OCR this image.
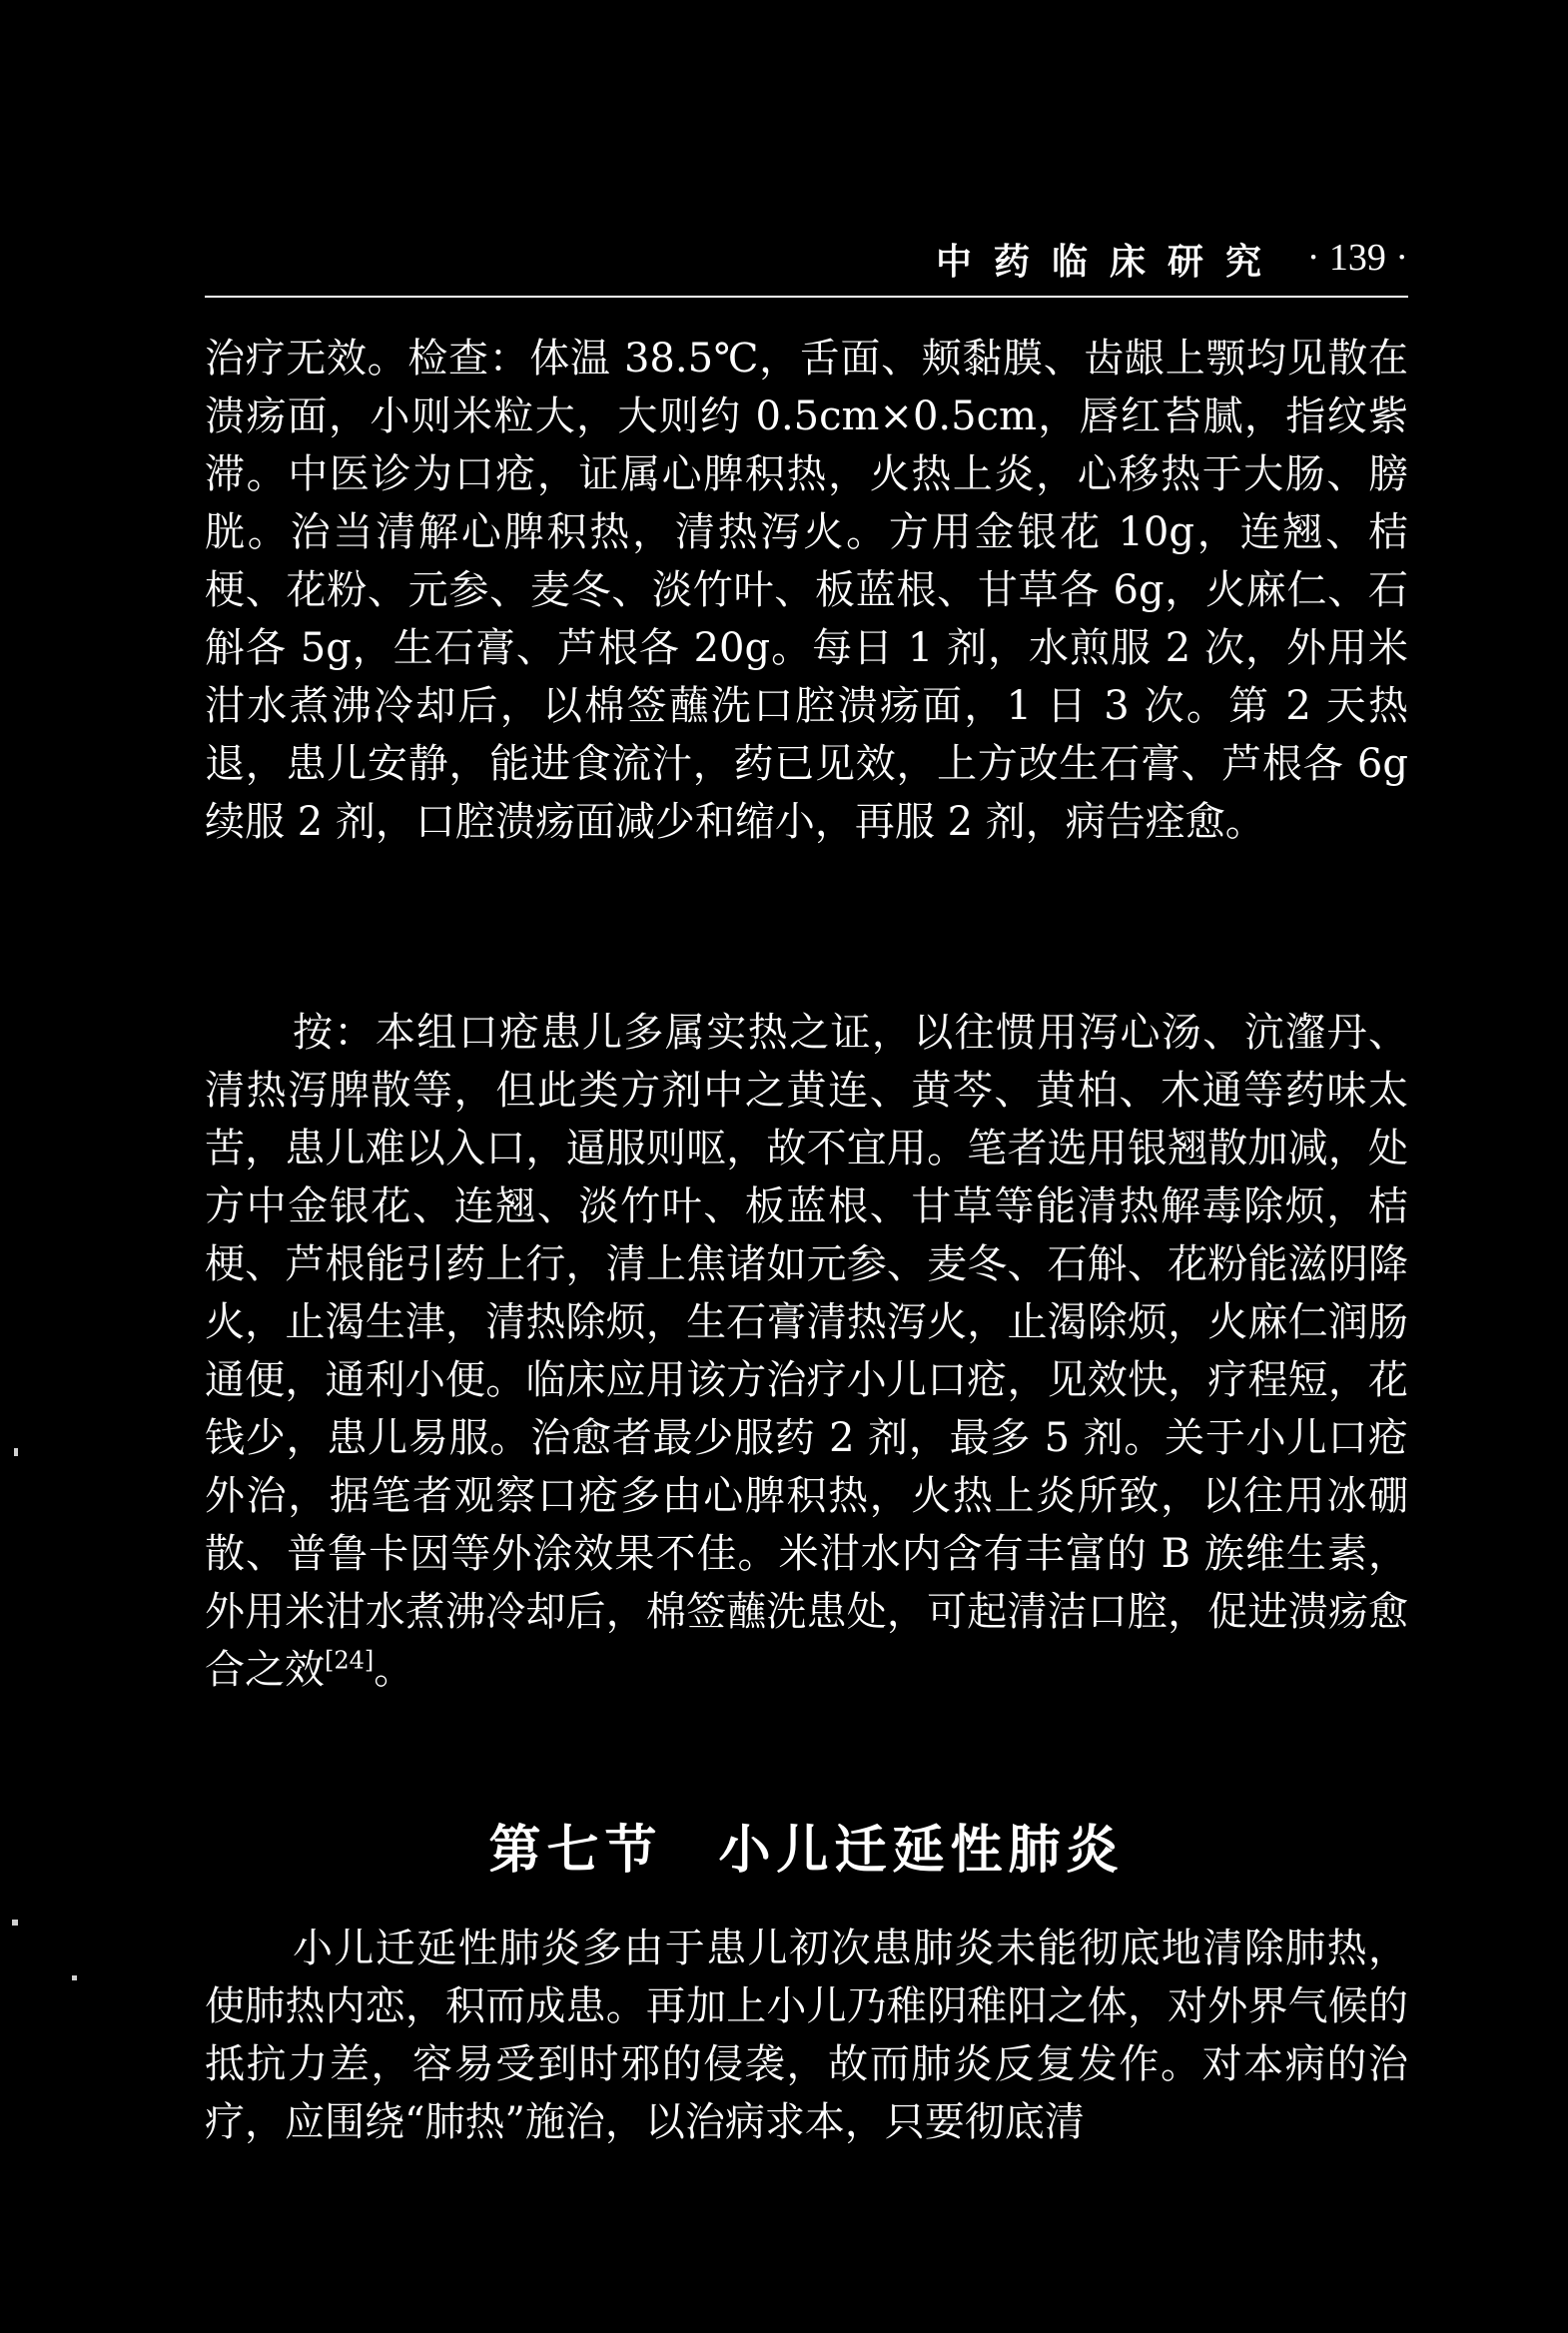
中药临床研究 · 139 ·

治疗无效。检查：体温 38.5℃，舌面、颊黏膜、齿龈上颚均见散在溃疡面，小则米粒大，大则约 0.5cm×0.5cm，唇红苔腻，指纹紫滞。中医诊为口疮，证属心脾积热，火热上炎，心移热于大肠、膀胱。治当清解心脾积热，清热泻火。方用金银花 10g，连翘、桔梗、花粉、元参、麦冬、淡竹叶、板蓝根、甘草各 6g，火麻仁、石斛各 5g，生石膏、芦根各 20g。每日 1 剂，水煎服 2 次，外用米泔水煮沸冷却后，以棉签蘸洗口腔溃疡面，1 日 3 次。第 2 天热退，患儿安静，能进食流汁，药已见效，上方改生石膏、芦根各 6g 续服 2 剂，口腔溃疡面减少和缩小，再服 2 剂，病告痊愈。

按：本组口疮患儿多属实热之证，以往惯用泻心汤、沆瀣丹、清热泻脾散等，但此类方剂中之黄连、黄芩、黄柏、木通等药味太苦，患儿难以入口，逼服则呕，故不宜用。笔者选用银翘散加减，处方中金银花、连翘、淡竹叶、板蓝根、甘草等能清热解毒除烦，桔梗、芦根能引药上行，清上焦诸如元参、麦冬、石斛、花粉能滋阴降火，止渴生津，清热除烦，生石膏清热泻火，止渴除烦，火麻仁润肠通便，通利小便。临床应用该方治疗小儿口疮，见效快，疗程短，花钱少，患儿易服。治愈者最少服药 2 剂，最多 5 剂。关于小儿口疮外治，据笔者观察口疮多由心脾积热，火热上炎所致，以往用冰硼散、普鲁卡因等外涂效果不佳。米泔水内含有丰富的 B 族维生素，外用米泔水煮沸冷却后，棉签蘸洗患处，可起清洁口腔，促进溃疡愈合之效[24]。

第七节 小儿迁延性肺炎

小儿迁延性肺炎多由于患儿初次患肺炎未能彻底地清除肺热，使肺热内恋，积而成患。再加上小儿乃稚阴稚阳之体，对外界气候的抵抗力差，容易受到时邪的侵袭，故而肺炎反复发作。对本病的治疗，应围绕“肺热”施治，以治病求本，只要彻底清
